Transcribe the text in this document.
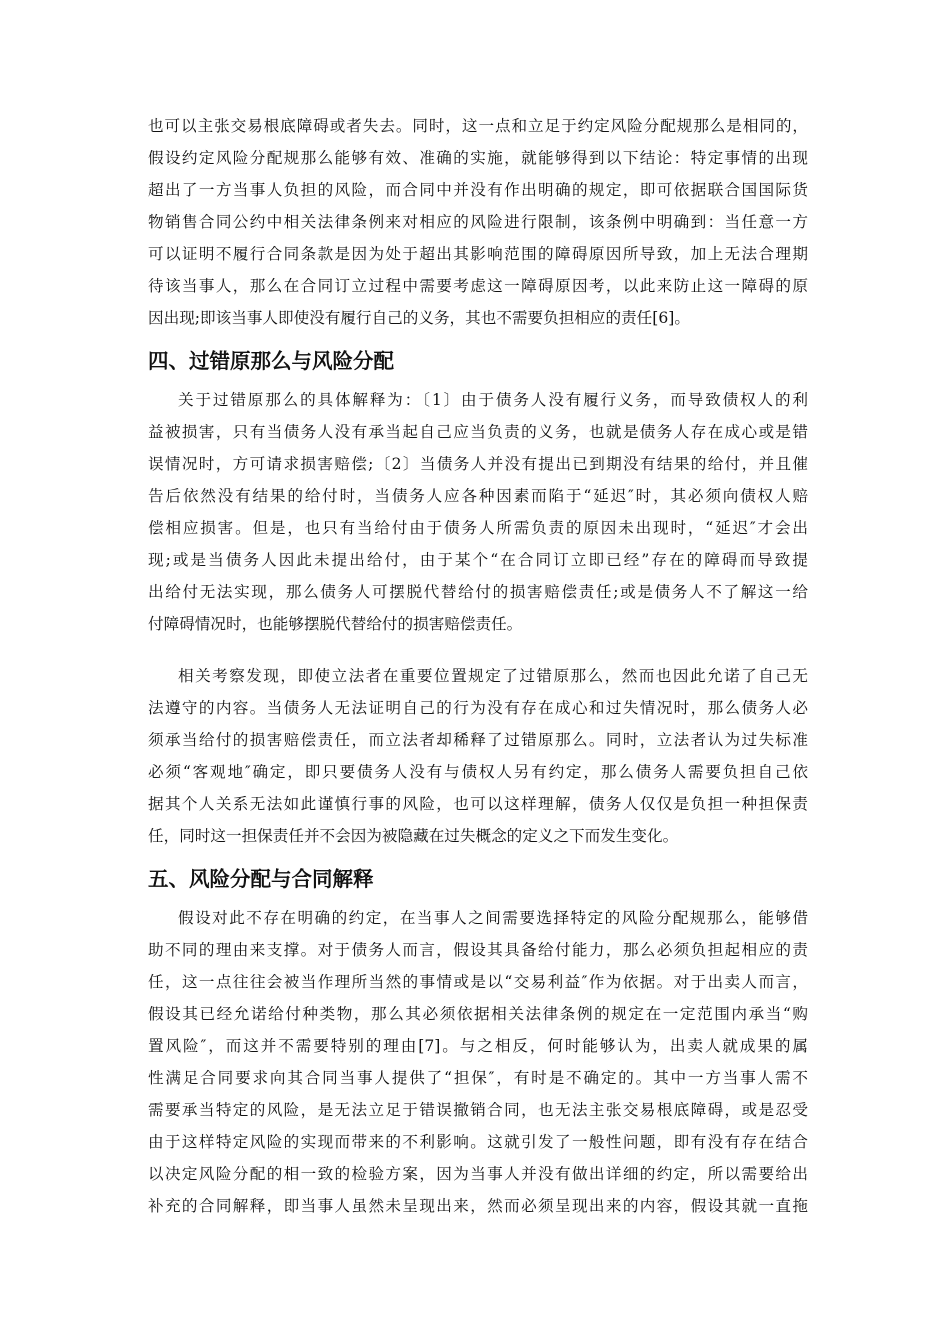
也可以主张交易根底障碍或者失去。同时，这一点和立足于约定风险分配规那么是相同的，
假设约定风险分配规那么能够有效、准确的实施，就能够得到以下结论：特定事情的出现
超出了一方当事人负担的风险，而合同中并没有作出明确的规定，即可依据联合国国际货
物销售合同公约中相关法律条例来对相应的风险进行限制，该条例中明确到：当任意一方
可以证明不履行合同条款是因为处于超出其影响范围的障碍原因所导致，加上无法合理期
待该当事人，那么在合同订立过程中需要考虑这一障碍原因考，以此来防止这一障碍的原
因出现;即该当事人即使没有履行自己的义务，其也不需要负担相应的责任[6]。
四、过错原那么与风险分配
关于过错原那么的具体解释为：〔1〕由于债务人没有履行义务，而导致债权人的利
益被损害，只有当债务人没有承当起自己应当负责的义务，也就是债务人存在成心或是错
误情况时，方可请求损害赔偿;〔2〕当债务人并没有提出已到期没有结果的给付，并且催
告后依然没有结果的给付时，当债务人应各种因素而陷于“延迟″时，其必须向债权人赔
偿相应损害。但是，也只有当给付由于债务人所需负责的原因未出现时，“延迟″才会出
现;或是当债务人因此未提出给付，由于某个“在合同订立即已经”存在的障碍而导致提
出给付无法实现，那么债务人可摆脱代替给付的损害赔偿责任;或是债务人不了解这一给
付障碍情况时，也能够摆脱代替给付的损害赔偿责任。
相关考察发现，即使立法者在重要位置规定了过错原那么，然而也因此允诺了自己无
法遵守的内容。当债务人无法证明自己的行为没有存在成心和过失情况时，那么债务人必
须承当给付的损害赔偿责任，而立法者却稀释了过错原那么。同时，立法者认为过失标准
必须“客观地″确定，即只要债务人没有与债权人另有约定，那么债务人需要负担自己依
据其个人关系无法如此谨慎行事的风险，也可以这样理解，债务人仅仅是负担一种担保责
任，同时这一担保责任并不会因为被隐藏在过失概念的定义之下而发生变化。
五、风险分配与合同解释
假设对此不存在明确的约定，在当事人之间需要选择特定的风险分配规那么，能够借
助不同的理由来支撑。对于债务人而言，假设其具备给付能力，那么必须负担起相应的责
任，这一点往往会被当作理所当然的事情或是以“交易利益″作为依据。对于出卖人而言，
假设其已经允诺给付种类物，那么其必须依据相关法律条例的规定在一定范围内承当“购
置风险″，而这并不需要特别的理由[7]。与之相反，何时能够认为，出卖人就成果的属
性满足合同要求向其合同当事人提供了“担保″，有时是不确定的。其中一方当事人需不
需要承当特定的风险，是无法立足于错误撤销合同，也无法主张交易根底障碍，或是忍受
由于这样特定风险的实现而带来的不利影响。这就引发了一般性问题，即有没有存在结合
以决定风险分配的相一致的检验方案，因为当事人并没有做出详细的约定，所以需要给出
补充的合同解释，即当事人虽然未呈现出来，然而必须呈现出来的内容，假设其就一直拖
